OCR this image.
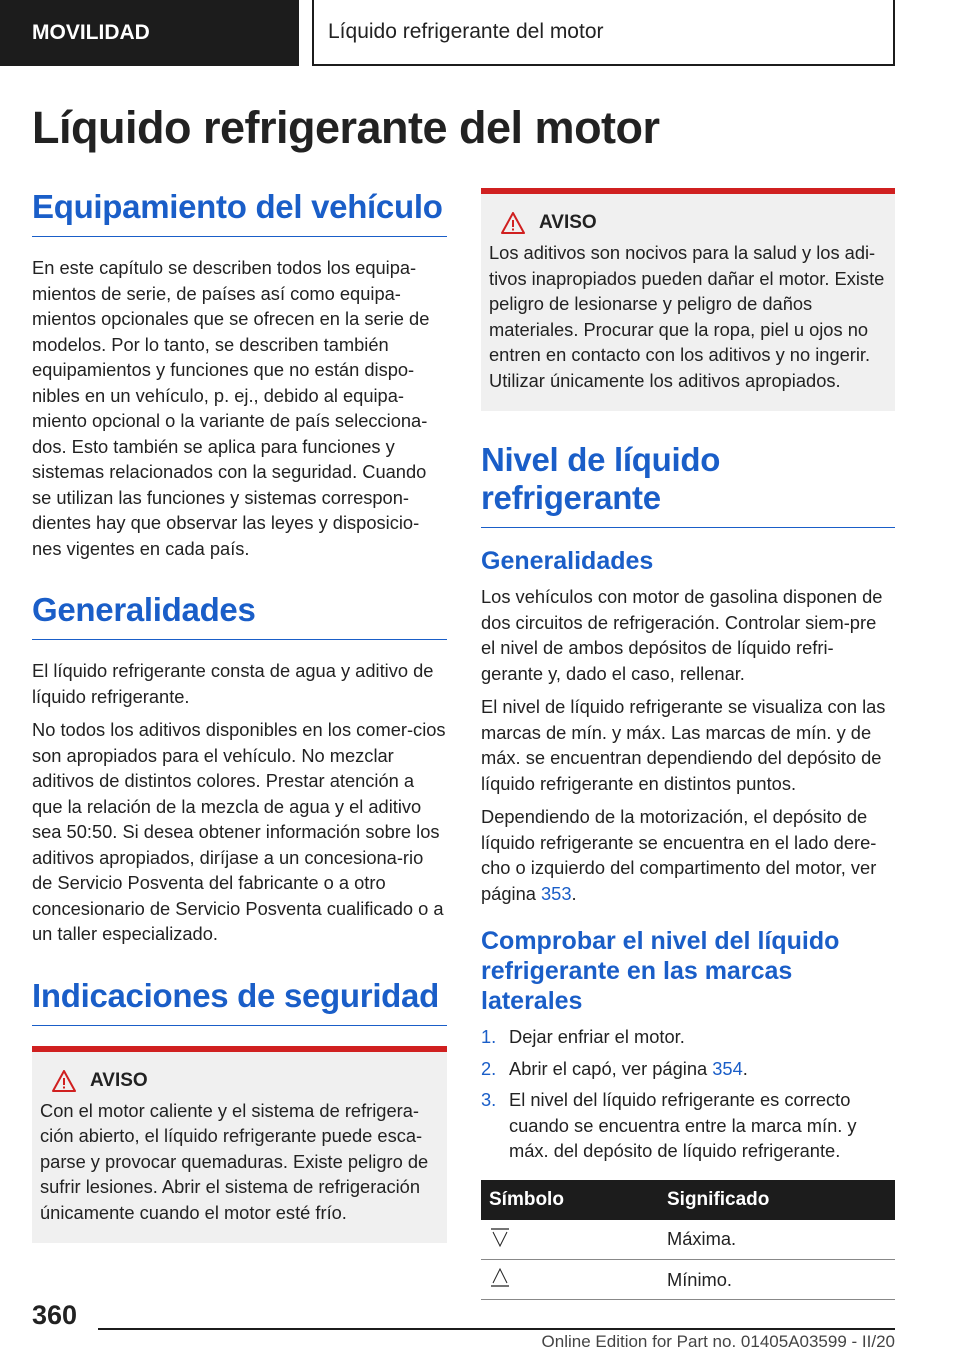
MOVILIDAD	Líquido refrigerante del motor
Líquido refrigerante del motor
Equipamiento del vehículo

En este capítulo se describen todos los equipa-mientos de serie, de países así como equipa-mientos opcionales que se ofrecen en la serie de modelos. Por lo tanto, se describen también equipamientos y funciones que no están dispo-nibles en un vehículo, p. ej., debido al equipa-miento opcional o la variante de país selecciona-dos. Esto también se aplica para funciones y sistemas relacionados con la seguridad. Cuando se utilizan las funciones y sistemas correspon-dientes hay que observar las leyes y disposicio-nes vigentes en cada país.

Generalidades

El líquido refrigerante consta de agua y aditivo de líquido refrigerante.

No todos los aditivos disponibles en los comer-cios son apropiados para el vehículo. No mezclar aditivos de distintos colores. Prestar atención a que la relación de la mezcla de agua y el aditivo sea 50:50. Si desea obtener información sobre los aditivos apropiados, diríjase a un concesiona-rio de Servicio Posventa del fabricante o a otro concesionario de Servicio Posventa cualificado o a un taller especializado.

Indicaciones de seguridad
AVISO

Con el motor caliente y el sistema de refrigera-ción abierto, el líquido refrigerante puede esca-parse y provocar quemaduras. Existe peligro de sufrir lesiones. Abrir el sistema de refrigeración únicamente cuando el motor esté frío.

AVISO

Los aditivos son nocivos para la salud y los adi-tivos inapropiados pueden dañar el motor. Existe peligro de lesionarse y peligro de daños materiales. Procurar que la ropa, piel u ojos no entren en contacto con los aditivos y no ingerir. Utilizar únicamente los aditivos apropiados.

Nivel de líquido refrigerante
Generalidades

Los vehículos con motor de gasolina disponen de dos circuitos de refrigeración. Controlar siem-pre el nivel de ambos depósitos de líquido refri-gerante y, dado el caso, rellenar.

El nivel de líquido refrigerante se visualiza con las marcas de mín. y máx. Las marcas de mín. y de máx. se encuentran dependiendo del depósito de líquido refrigerante en distintos puntos.

Dependiendo de la motorización, el depósito de líquido refrigerante se encuentra en el lado dere-cho o izquierdo del compartimento del motor, ver página 353.

Comprobar el nivel del líquido refrigerante en las marcas laterales
1. Dejar enfriar el motor.
2. Abrir el capó, ver página 354.
3. El nivel del líquido refrigerante es correcto cuando se encuentra entre la marca mín. y máx. del depósito de líquido refrigerante.
Símbolo	Significado
	Máxima.
	Mínimo.
360
Online Edition for Part no. 01405A03599 - II/20
